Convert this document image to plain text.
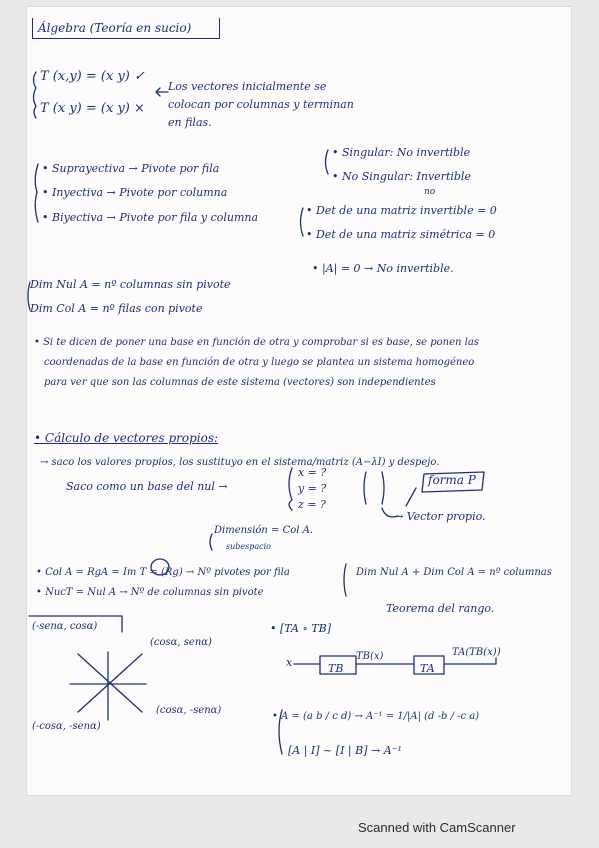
Álgebra (Teoría en sucio)
T (x,y) = (x y) ✓
T (x y) = (x y) ×
Los vectores inicialmente se
colocan por columnas y terminan
en filas.
• Suprayectiva → Pivote por fila
• Inyectiva → Pivote por columna
• Biyectiva → Pivote por fila y columna
• Singular: No invertible
• No Singular: Invertible
no
• Det de una matriz invertible = 0
• Det de una matriz simétrica = 0
• |A| = 0 → No invertible.
Dim Nul A = nº columnas sin pivote
Dim Col A = nº filas con pivote
• Si te dicen de poner una base en función de otra y comprobar si es base, se ponen las
coordenadas de la base en función de otra y luego se plantea un sistema homogéneo
para ver que son las columnas de este sistema (vectores) son independientes
• Cálculo de vectores propios:
→ saco los valores propios, los sustituyo en el sistema/matriz (A−λI) y despejo.
Saco como un base del nul →
x = ?
y = ?
z = ?
forma P
→ Vector propio.
Dimensión = Col A.
subespacio
• Col A = RgA = Im T = (Rg) → Nº pivotes por fila
• NucT = Nul A → Nº de columnas sin pivote
Dim Nul A + Dim Col A = nº columnas
Teorema del rango.
(-senα, cosα)
(cosα, senα)
(cosα, -senα)
(-cosα, -senα)
• [TA ∘ TB]
x	TB
TB(x)
TA
TA(TB(x))
• A = (a b / c d) → A⁻¹ = 1/|A| (d -b / -c a)
[A | I] ~ [I | B] → A⁻¹
Scanned with CamScanner
